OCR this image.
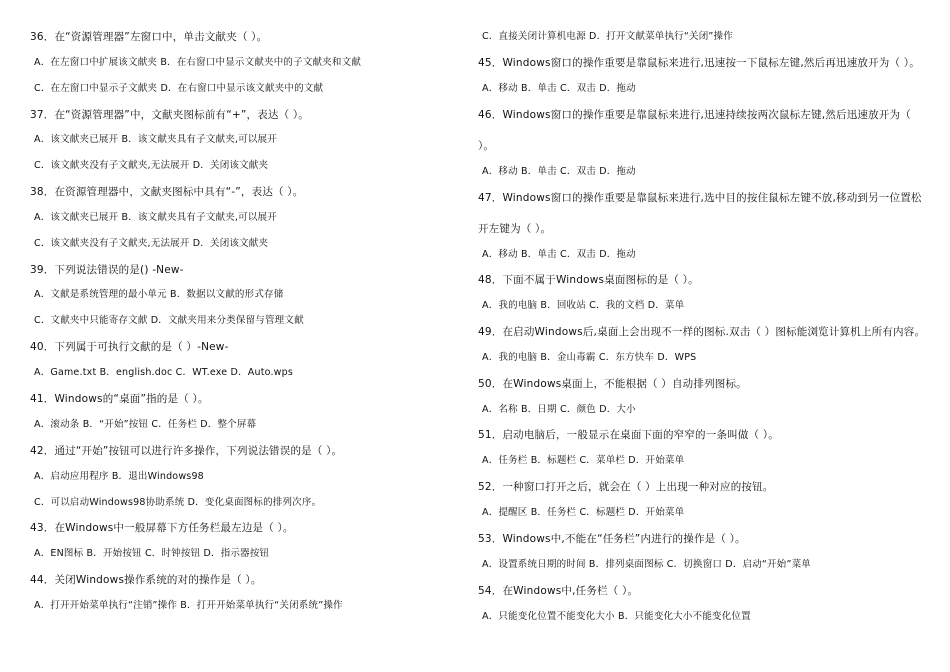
36．在“资源管理器”左窗口中，单击文献夹（ ）。
A．在左窗口中扩展该文献夹 B．在右窗口中显示文献夹中的子文献夹和文献
C．在左窗口中显示子文献夹 D．在右窗口中显示该文献夹中的文献
37．在“资源管理器”中，文献夹图标前有“+”，表达（ ）。
A．该文献夹已展开 B．该文献夹具有子文献夹,可以展开
C．该文献夹没有子文献夹,无法展开 D．关闭该文献夹
38．在资源管理器中，文献夹图标中具有“-”，表达（ ）。
A．该文献夹已展开 B．该文献夹具有子文献夹,可以展开
C．该文献夹没有子文献夹,无法展开 D．关闭该文献夹
39．下列说法错误的是() -New-
A．文献是系统管理的最小单元 B．数据以文献的形式存储
C．文献夹中只能寄存文献 D．文献夹用来分类保留与管理文献
40．下列属于可执行文献的是（ ）-New-
A．Game.txt B．english.doc C．WT.exe D．Auto.wps
41．Windows的“桌面”指的是（ ）。
A．滚动条 B．“开始”按钮 C．任务栏 D．整个屏幕
42．通过“开始”按钮可以进行许多操作，下列说法错误的是（ ）。
A．启动应用程序 B．退出Windows98
C．可以启动Windows98协助系统 D．变化桌面图标的排列次序。
43．在Windows中一般屏幕下方任务栏最左边是（ ）。
A．EN图标 B．开始按钮 C．时钟按钮 D．指示器按钮
44．关闭Windows操作系统的对的操作是（ ）。
A．打开开始菜单执行“注销”操作 B．打开开始菜单执行“关闭系统”操作
C．直接关闭计算机电源 D．打开文献菜单执行“关闭”操作
45．Windows窗口的操作重要是靠鼠标来进行,迅速按一下鼠标左键,然后再迅速放开为（ ）。
A．移动 B．单击 C．双击 D．拖动
46．Windows窗口的操作重要是靠鼠标来进行,迅速持续按两次鼠标左键,然后迅速放开为（
）。
A．移动 B．单击 C．双击 D．拖动
47．Windows窗口的操作重要是靠鼠标来进行,选中目的按住鼠标左键不放,移动到另一位置松
开左键为（ ）。
A．移动 B．单击 C．双击 D．拖动
48．下面不属于Windows桌面图标的是（ ）。
A．我的电脑 B．回收站 C．我的文档 D．菜单
49．在启动Windows后,桌面上会出现不一样的图标.双击（ ）图标能浏览计算机上所有内容。
A．我的电脑 B．金山毒霸 C．东方快车 D．WPS
50．在Windows桌面上，不能根据（ ）自动排列图标。
A．名称 B．日期 C．颜色 D．大小
51．启动电脑后，一般显示在桌面下面的窄窄的一条叫做（ ）。
A．任务栏 B．标题栏 C．菜单栏 D．开始菜单
52．一种窗口打开之后，就会在（ ）上出现一种对应的按钮。
A．提醒区 B．任务栏 C．标题栏 D．开始菜单
53．Windows中,不能在“任务栏”内进行的操作是（ ）。
A．设置系统日期的时间 B．排列桌面图标 C．切换窗口 D．启动“开始”菜单
54．在Windows中,任务栏（ ）。
A．只能变化位置不能变化大小 B．只能变化大小不能变化位置
